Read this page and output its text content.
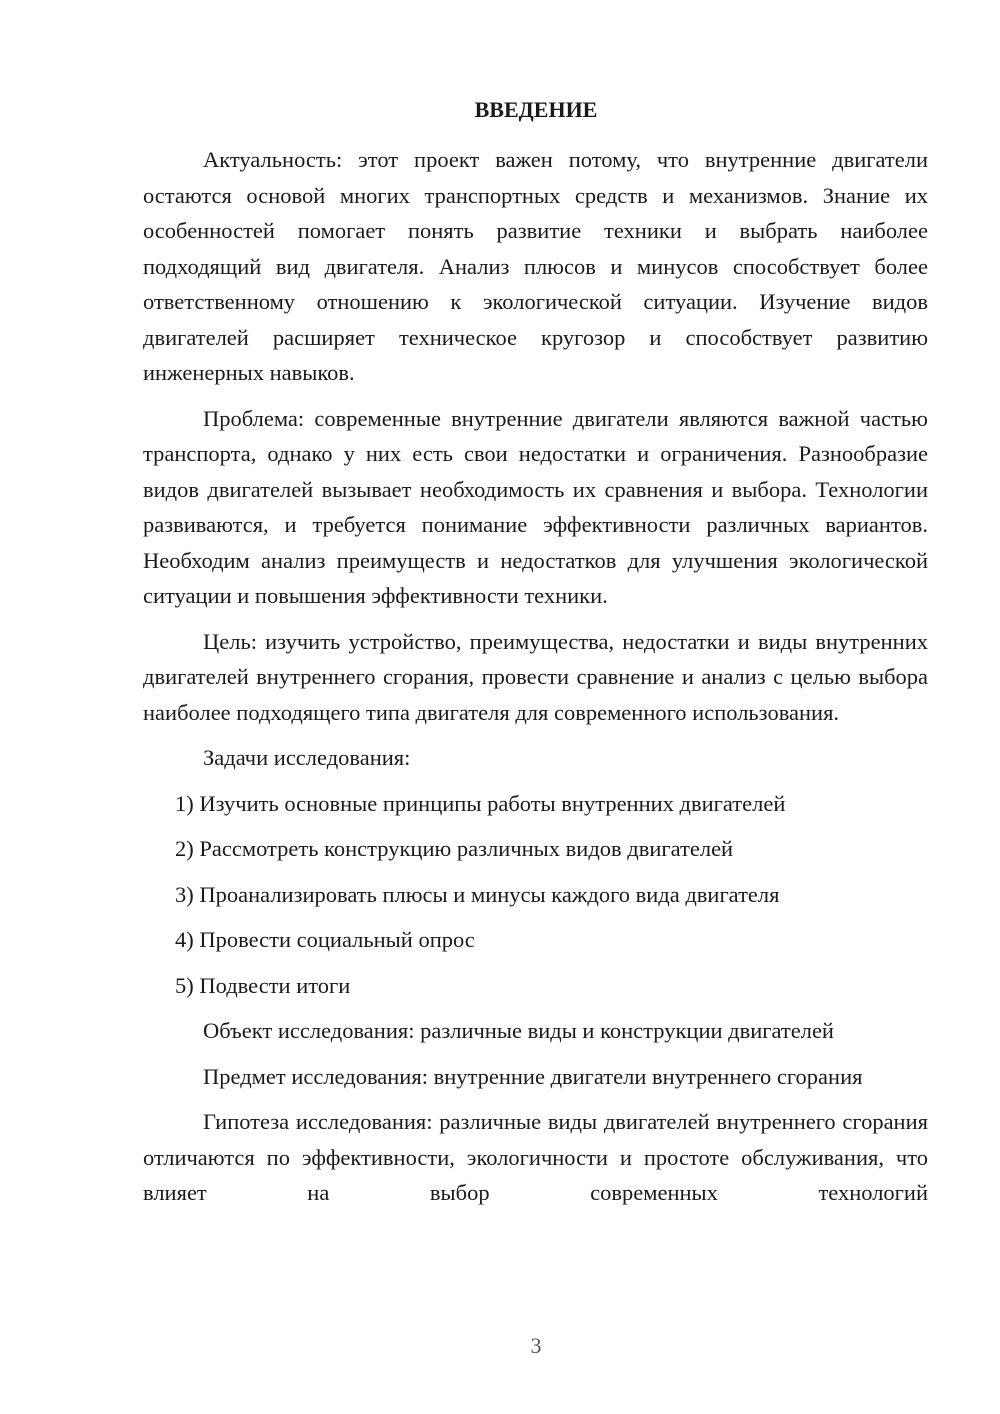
ВВЕДЕНИЕ

Актуальность: этот проект важен потому, что внутренние двигатели остаются основой многих транспортных средств и механизмов. Знание их особенностей помогает понять развитие техники и выбрать наиболее подходящий вид двигателя. Анализ плюсов и минусов способствует более ответственному отношению к экологической ситуации. Изучение видов двигателей расширяет техническое кругозор и способствует развитию инженерных навыков.

Проблема: современные внутренние двигатели являются важной частью транспорта, однако у них есть свои недостатки и ограничения. Разнообразие видов двигателей вызывает необходимость их сравнения и выбора. Технологии развиваются, и требуется понимание эффективности различных вариантов. Необходим анализ преимуществ и недостатков для улучшения экологической ситуации и повышения эффективности техники.

Цель: изучить устройство, преимущества, недостатки и виды внутренних двигателей внутреннего сгорания, провести сравнение и анализ с целью выбора наиболее подходящего типа двигателя для современного использования.

Задачи исследования:

1) Изучить основные принципы работы внутренних двигателей

2) Рассмотреть конструкцию различных видов двигателей

3) Проанализировать плюсы и минусы каждого вида двигателя

4) Провести социальный опрос

5) Подвести итоги

Объект исследования: различные виды и конструкции двигателей

Предмет исследования: внутренние двигатели внутреннего сгорания

Гипотеза исследования: различные виды двигателей внутреннего сгорания отличаются по эффективности, экологичности и простоте обслуживания, что влияет на выбор современных технологий

3
